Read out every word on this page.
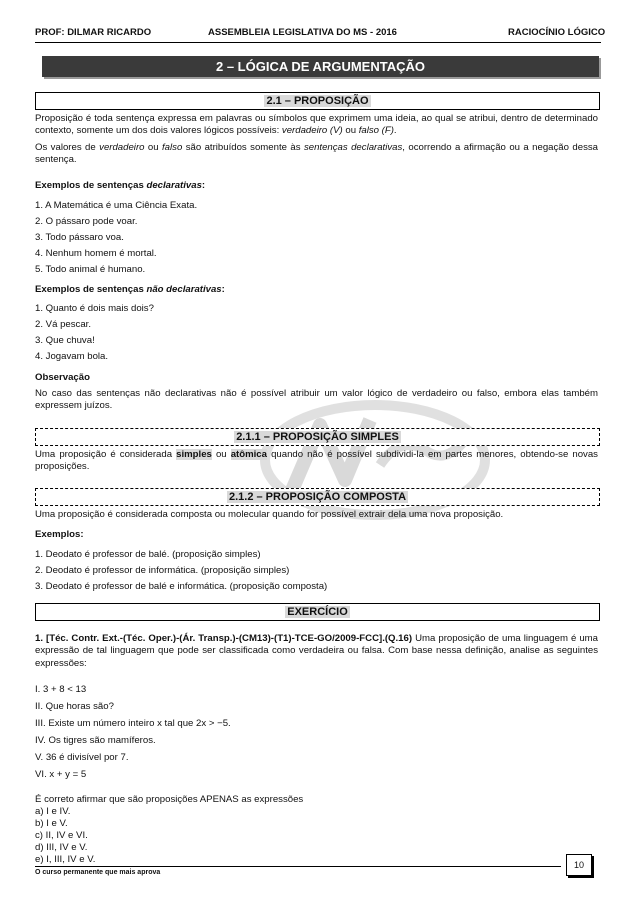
PROF: DILMAR RICARDO	ASSEMBLEIA LEGISLATIVA DO MS - 2016	RACIOCÍNIO LÓGICO
2 – LÓGICA DE ARGUMENTAÇÃO
2.1 – PROPOSIÇÃO
Proposição é toda sentença expressa em palavras ou símbolos que exprimem uma ideia, ao qual se atribui, dentro de determinado contexto, somente um dos dois valores lógicos possíveis: verdadeiro (V) ou falso (F).
Os valores de verdadeiro ou falso são atribuídos somente às sentenças declarativas, ocorrendo a afirmação ou a negação dessa sentença.
Exemplos de sentenças declarativas:
1. A Matemática é uma Ciência Exata.
2. O pássaro pode voar.
3. Todo pássaro voa.
4. Nenhum homem é mortal.
5. Todo animal é humano.
Exemplos de sentenças não declarativas:
1. Quanto é dois mais dois?
2. Vá pescar.
3. Que chuva!
4. Jogavam bola.
Observação
No caso das sentenças não declarativas não é possível atribuir um valor lógico de verdadeiro ou falso, embora elas também expressem juízos.
2.1.1 – PROPOSIÇÃO SIMPLES
Uma proposição é considerada simples ou atômica quando não é possível subdividi-la em partes menores, obtendo-se novas proposições.
2.1.2 – PROPOSIÇÃO COMPOSTA
Uma proposição é considerada composta ou molecular quando for possível extrair dela uma nova proposição.
Exemplos:
1. Deodato é professor de balé. (proposição simples)
2. Deodato é professor de informática. (proposição simples)
3. Deodato é professor de balé e informática. (proposição composta)
EXERCÍCIO
1. [Téc. Contr. Ext.-(Téc. Oper.)-(Ár. Transp.)-(CM13)-(T1)-TCE-GO/2009-FCC].(Q.16) Uma proposição de uma linguagem é uma expressão de tal linguagem que pode ser classificada como verdadeira ou falsa. Com base nessa definição, analise as seguintes expressões:
I. 3 + 8 < 13
II. Que horas são?
III. Existe um número inteiro x tal que 2x > −5.
IV. Os tigres são mamíferos.
V. 36 é divisível por 7.
VI. x + y = 5
É correto afirmar que são proposições APENAS as expressões
a) I e IV.
b) I e V.
c) II, IV e VI.
d) III, IV e V.
e) I, III, IV e V.
O curso permanente que mais aprova
10
